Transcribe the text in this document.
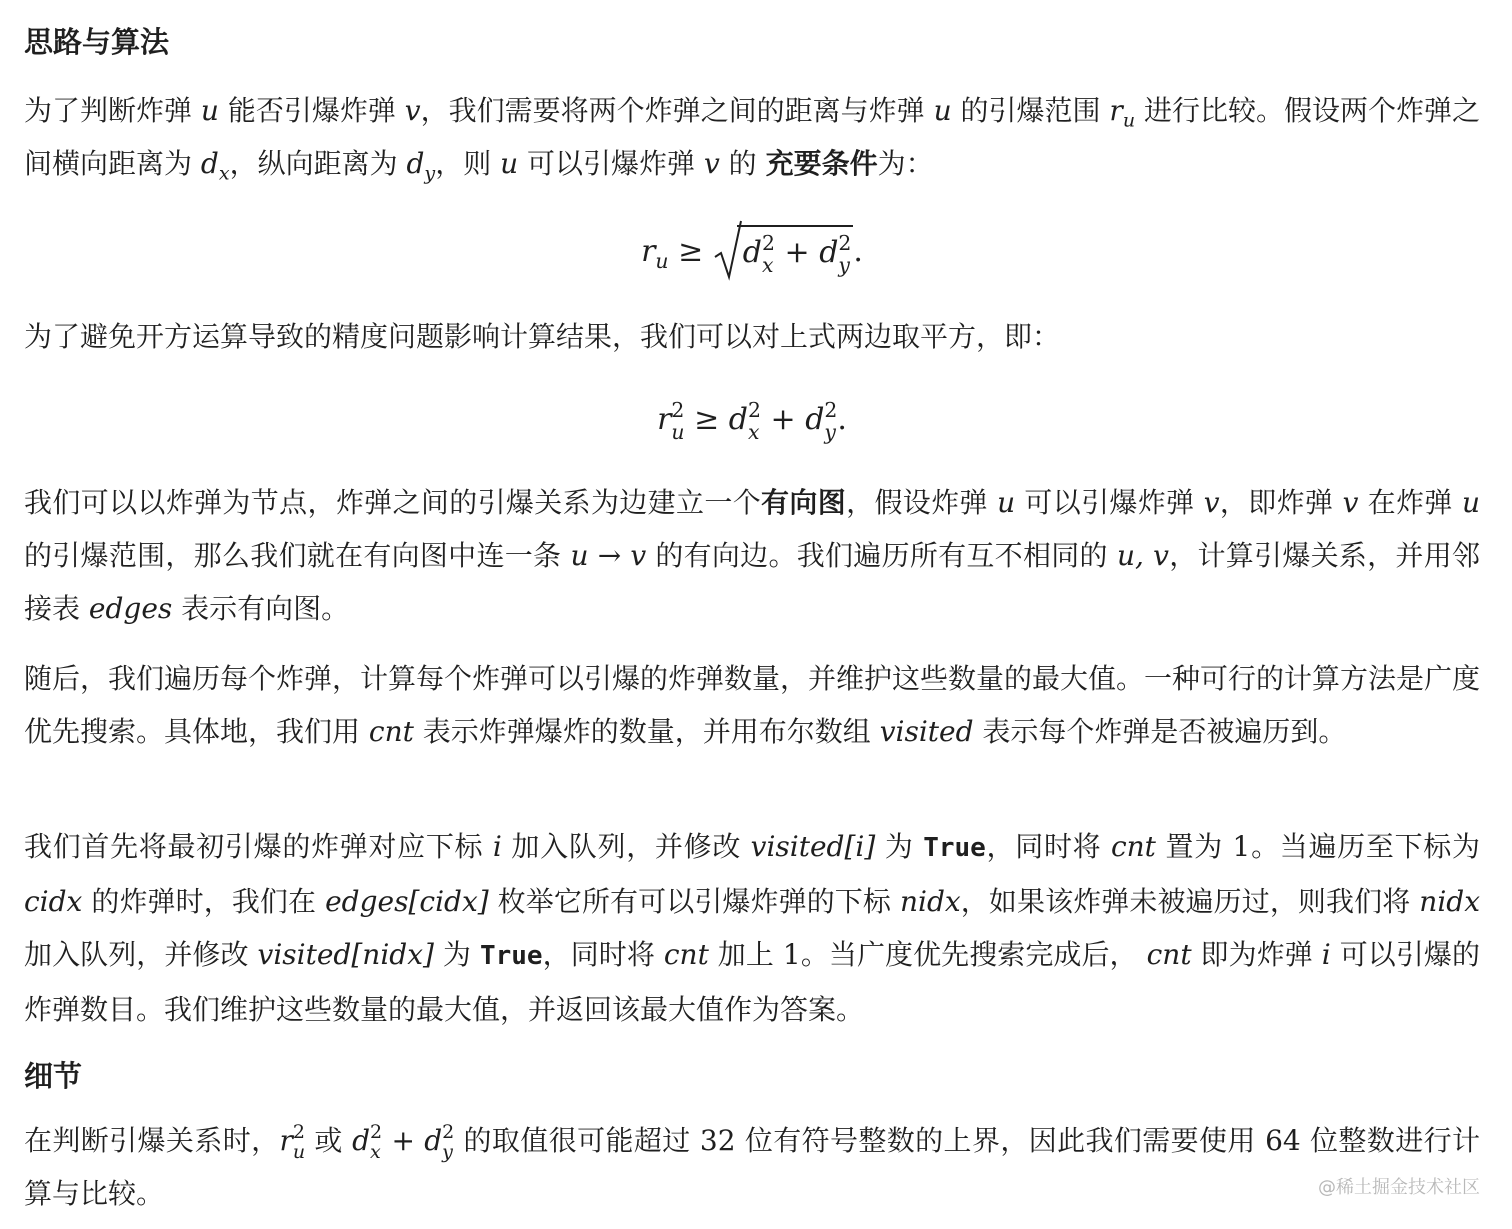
思路与算法

为了判断炸弹 u 能否引爆炸弹 v，我们需要将两个炸弹之间的距离与炸弹 u 的引爆范围 $r_u$ 进行比较。假设两个炸弹之间横向距离为 $d_x$，纵向距离为 $d_y$，则 u 可以引爆炸弹 v 的 充要条件为：

$r_u$ ≥
d 2
x + d 2
y .

为了避免开方运算导致的精度问题影响计算结果，我们可以对上式两边取平方，即：

r 2
u ≥ d 2
x + d 2
y .

我们可以以炸弹为节点，炸弹之间的引爆关系为边建立一个有向图，假设炸弹 u 可以引爆炸弹 v，即炸弹 v 在炸弹 u 的引爆范围，那么我们就在有向图中连一条 u → v 的有向边。我们遍历所有互不相同的 u, v，计算引爆关系，并用邻接表 edges 表示有向图。

随后，我们遍历每个炸弹，计算每个炸弹可以引爆的炸弹数量，并维护这些数量的最大值。一种可行的计算方法是广度优先搜索。具体地，我们用 cnt 表示炸弹爆炸的数量，并用布尔数组 visited 表示每个炸弹是否被遍历到。

我们首先将最初引爆的炸弹对应下标 i 加入队列，并修改 visited[i] 为 True，同时将 cnt 置为 1。当遍历至下标为 cidx 的炸弹时，我们在 edges[cidx] 枚举它所有可以引爆炸弹的下标 nidx，如果该炸弹未被遍历过，则我们将 nidx 加入队列，并修改 visited[nidx] 为 True，同时将 cnt 加上 1。当广度优先搜索完成后， cnt 即为炸弹 i 可以引爆的炸弹数目。我们维护这些数量的最大值，并返回该最大值作为答案。

细节

在判断引爆关系时，r 2
u 或 d 2
x + d 2
y 的取值很可能超过 32 位有符号整数的上界，因此我们需要使用 64 位整数进行计算与比较。	@稀土掘金技术社区
